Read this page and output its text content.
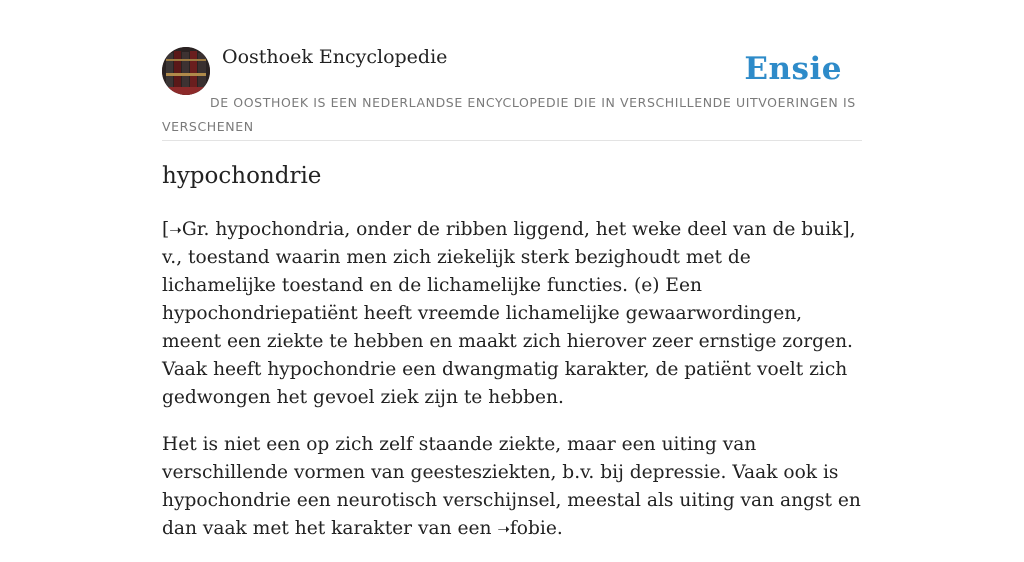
Oosthoek Encyclopedie	Ensie
DE OOSTHOEK IS EEN NEDERLANDSE ENCYCLOPEDIE DIE IN VERSCHILLENDE UITVOERINGEN IS VERSCHENEN
hypochondrie

[➝Gr. hypochondria, onder de ribben liggend, het weke deel van de buik], v., toestand waarin men zich ziekelijk sterk bezighoudt met de lichamelijke toestand en de lichamelijke functies. (e) Een hypochondriepatiënt heeft vreemde lichamelijke gewaarwordingen, meent een ziekte te hebben en maakt zich hierover zeer ernstige zorgen. Vaak heeft hypochondrie een dwangmatig karakter, de patiënt voelt zich gedwongen het gevoel ziek zijn te hebben.

Het is niet een op zich zelf staande ziekte, maar een uiting van verschillende vormen van geestesziekten, b.v. bij depressie. Vaak ook is hypochondrie een neurotisch verschijnsel, meestal als uiting van angst en dan vaak met het karakter van een ➝fobie.
